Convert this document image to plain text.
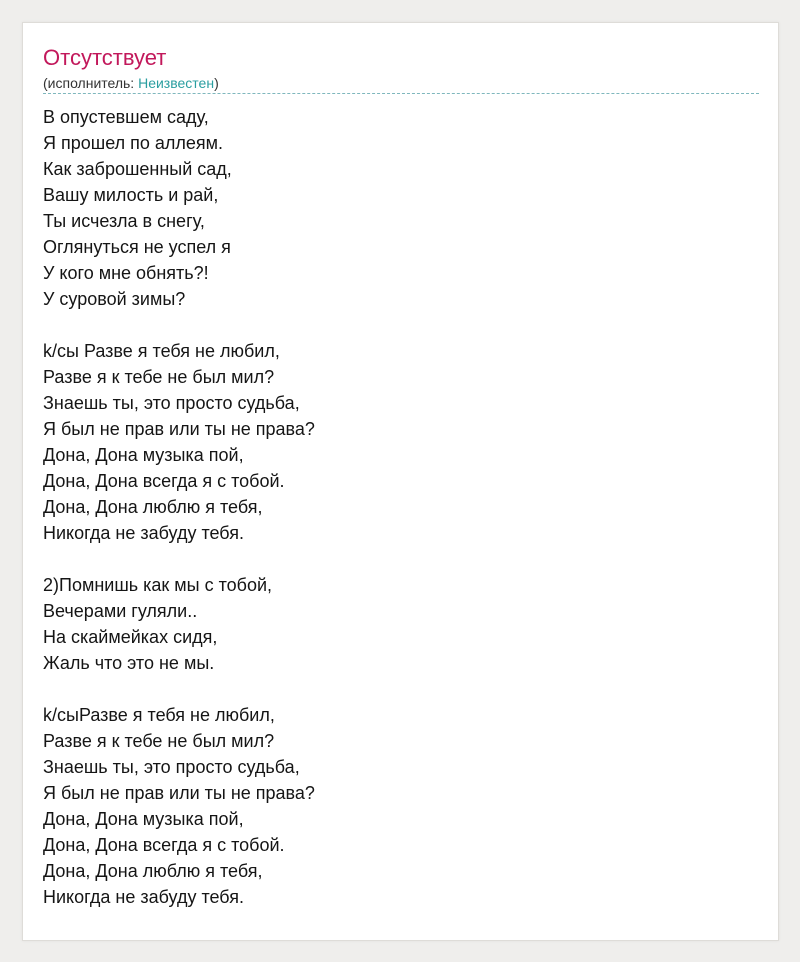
Отсутствует
(исполнитель: Неизвестен)
В опустевшем саду,
Я прошел по аллеям.
Как заброшенный сад,
Вашу милость и рай,
Ты исчезла в снегу,
Оглянуться не успел я
У кого мне обнять?!
У суровой зимы?
k/сы Разве я тебя не любил,
Разве я к тебе не был мил?
Знаешь ты, это просто судьба,
Я был не прав или ты не права?
Дона, Дона музыка пой,
Дона, Дона всегда я с тобой.
Дона, Дона люблю я тебя,
Никогда не забуду тебя.
2)Помнишь как мы с тобой,
Вечерами гуляли..
На скаймейках сидя,
Жаль что это не мы.
k/сыРазве я тебя не любил,
Разве я к тебе не был мил?
Знаешь ты, это просто судьба,
Я был не прав или ты не права?
Дона, Дона музыка пой,
Дона, Дона всегда я с тобой.
Дона, Дона люблю я тебя,
Никогда не забуду тебя.
